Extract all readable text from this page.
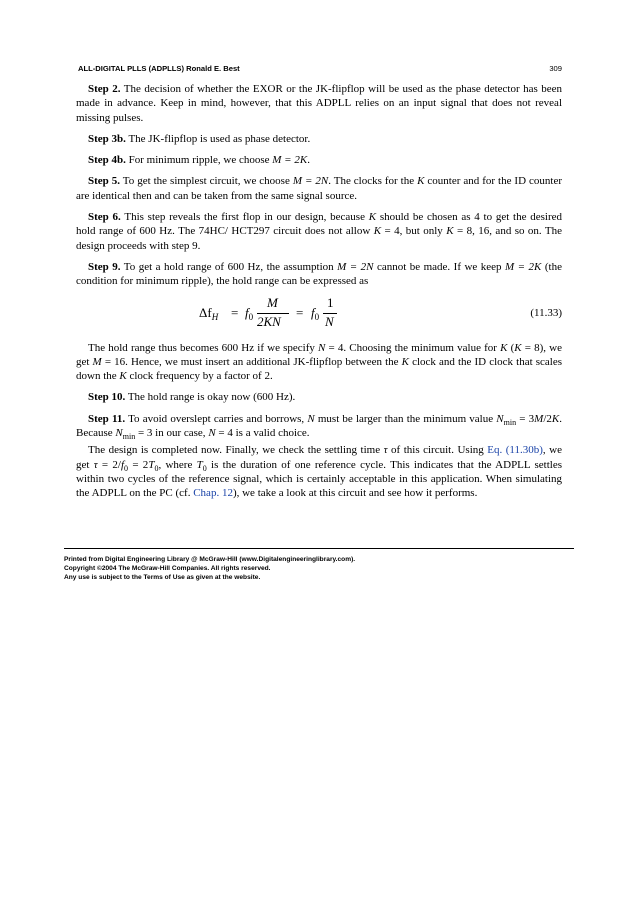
ALL-DIGITAL PLLS (ADPLLS) Ronald E. Best	309

Step 2. The decision of whether the EXOR or the JK-flipflop will be used as the phase detector has been made in advance. Keep in mind, however, that this ADPLL relies on an input signal that does not reveal missing pulses.

Step 3b. The JK-flipflop is used as phase detector.

Step 4b. For minimum ripple, we choose M = 2K.

Step 5. To get the simplest circuit, we choose M = 2N. The clocks for the K counter and for the ID counter are identical then and can be taken from the same signal source.

Step 6. This step reveals the first flop in our design, because K should be chosen as 4 to get the desired hold range of 600 Hz. The 74HC/ HCT297 circuit does not allow K = 4, but only K = 8, 16, and so on. The design proceeds with step 9.

Step 9. To get a hold range of 600 Hz, the assumption M = 2N cannot be made. If we keep M = 2K (the condition for minimum ripple), the hold range can be expressed as

$\Delta f_H = f_0$
M
2KN
= $f_0$
1
N
(11.33)

The hold range thus becomes 600 Hz if we specify N = 4. Choosing the minimum value for K (K = 8), we get M = 16. Hence, we must insert an additional JK-flipflop between the K clock and the ID clock that scales down the K clock frequency by a factor of 2.

Step 10. The hold range is okay now (600 Hz).

Step 11. To avoid overslept carries and borrows, N must be larger than the minimum value $N_{min} = 3M/2K$. Because $N_{min} = 3$ in our case, N = 4 is a valid choice.

The design is completed now. Finally, we check the settling time τ of this circuit. Using Eq. (11.30b), we get $\tau = 2/f_0 = 2T_0$, where $T_0$ is the duration of one reference cycle. This indicates that the ADPLL settles within two cycles of the reference signal, which is certainly acceptable in this application. When simulating the ADPLL on the PC (cf. Chap. 12), we take a look at this circuit and see how it performs.

Printed from Digital Engineering Library @ McGraw-Hill (www.Digitalengineeringlibrary.com).
Copyright ©2004 The McGraw-Hill Companies. All rights reserved.
Any use is subject to the Terms of Use as given at the website.
